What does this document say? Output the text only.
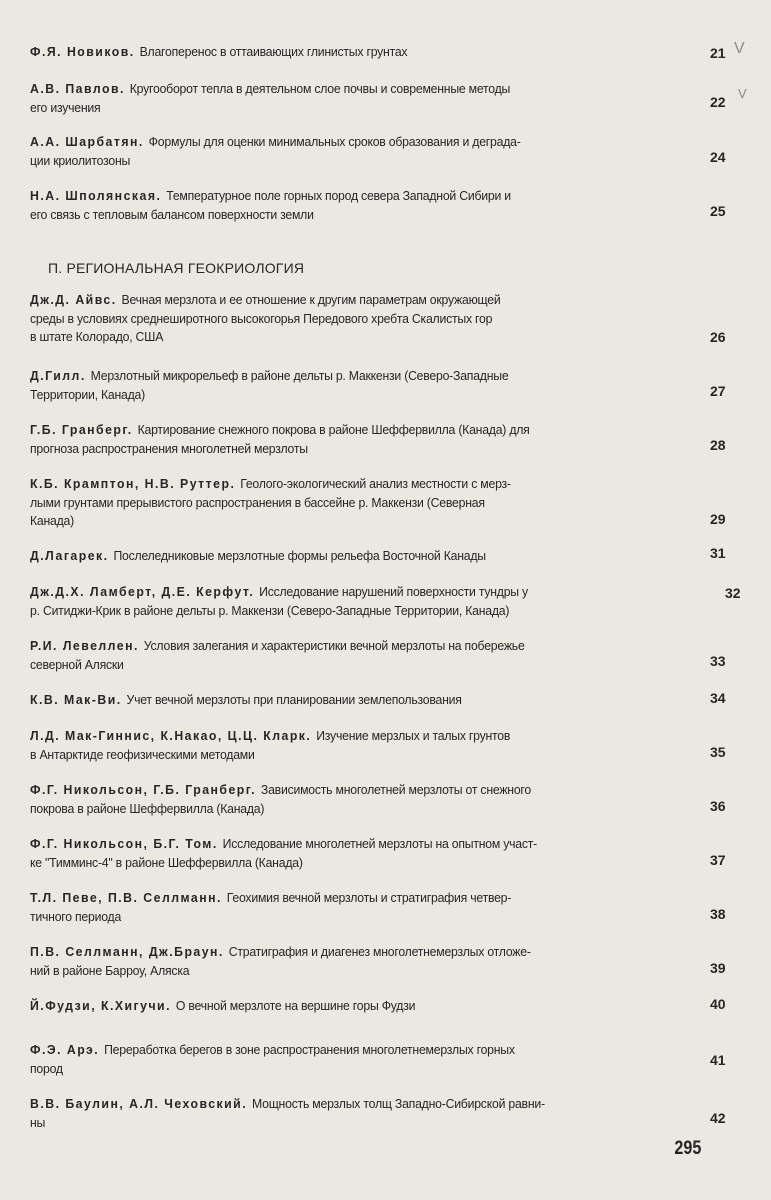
П. РЕГИОНАЛЬНАЯ ГЕОКРИОЛОГИЯ
Ф.Я. Новиков. Влагоперенос в оттаивающих глинистых грунтах	21
А.В. Павлов. Кругооборот тепла в деятельном слое почвы и современные методы
его изучения	22
А.А. Шарбатян. Формулы для оценки минимальных сроков образования и деграда-
ции криолитозоны	24
Н.А. Шполянская. Температурное поле горных пород севера Западной Сибири и
его связь с тепловым балансом поверхности земли	25
Дж.Д. Айвс. Вечная мерзлота и ее отношение к другим параметрам окружающей
среды в условиях среднеширотного высокогорья Передового хребта Скалистых гор
в штате Колорадо, США	26
Д.Гилл. Мерзлотный микрорельеф в районе дельты р. Маккензи (Северо-Западные
Территории, Канада)	27
Г.Б. Гранберг. Картирование снежного покрова в районе Шеффервилла (Канада) для
прогноза распространения многолетней мерзлоты	28
К.Б. Крамптон, Н.В. Руттер. Геолого-экологический анализ местности с мерз-
лыми грунтами прерывистого распространения в бассейне р. Маккензи (Северная
Канада)	29
Д.Лагарек. Послеледниковые мерзлотные формы рельефа Восточной Канады	31
Дж.Д.Х. Ламберт, Д.Е. Керфут. Исследование нарушений поверхности тундры у
р. Ситиджи-Крик в районе дельты р. Маккензи (Северо-Западные Территории, Канада)
32
Р.И. Левеллен. Условия залегания и характеристики вечной мерзлоты на побережье
северной Аляски	33
К.В. Мак-Ви. Учет вечной мерзлоты при планировании землепользования	34
Л.Д. Мак-Гиннис, К.Накао, Ц.Ц. Кларк. Изучение мерзлых и талых грунтов
в Антарктиде геофизическими методами	35
Ф.Г. Никольсон, Г.Б. Гранберг. Зависимость многолетней мерзлоты от снежного
покрова в районе Шеффервилла (Канада)	36
Ф.Г. Никольсон, Б.Г. Том. Исследование многолетней мерзлоты на опытном участ-
ке "Тимминс-4" в районе Шеффервилла (Канада)	37
Т.Л. Певе, П.В. Селлманн. Геохимия вечной мерзлоты и стратиграфия четвер-
тичного периода	38
П.В. Селлманн, Дж.Браун. Стратиграфия и диагенез многолетнемерзлых отложе-
ний в районе Барроу, Аляска	39
Й.Фудзи, К.Хигучи. О вечной мерзлоте на вершине горы Фудзи	40
Ф.Э. Арэ. Переработка берегов в зоне распространения многолетнемерзлых горных
пород	41
В.В. Баулин, А.Л. Чеховский. Мощность мерзлых толщ Западно-Сибирской равни-
ны	42
295
V
V
